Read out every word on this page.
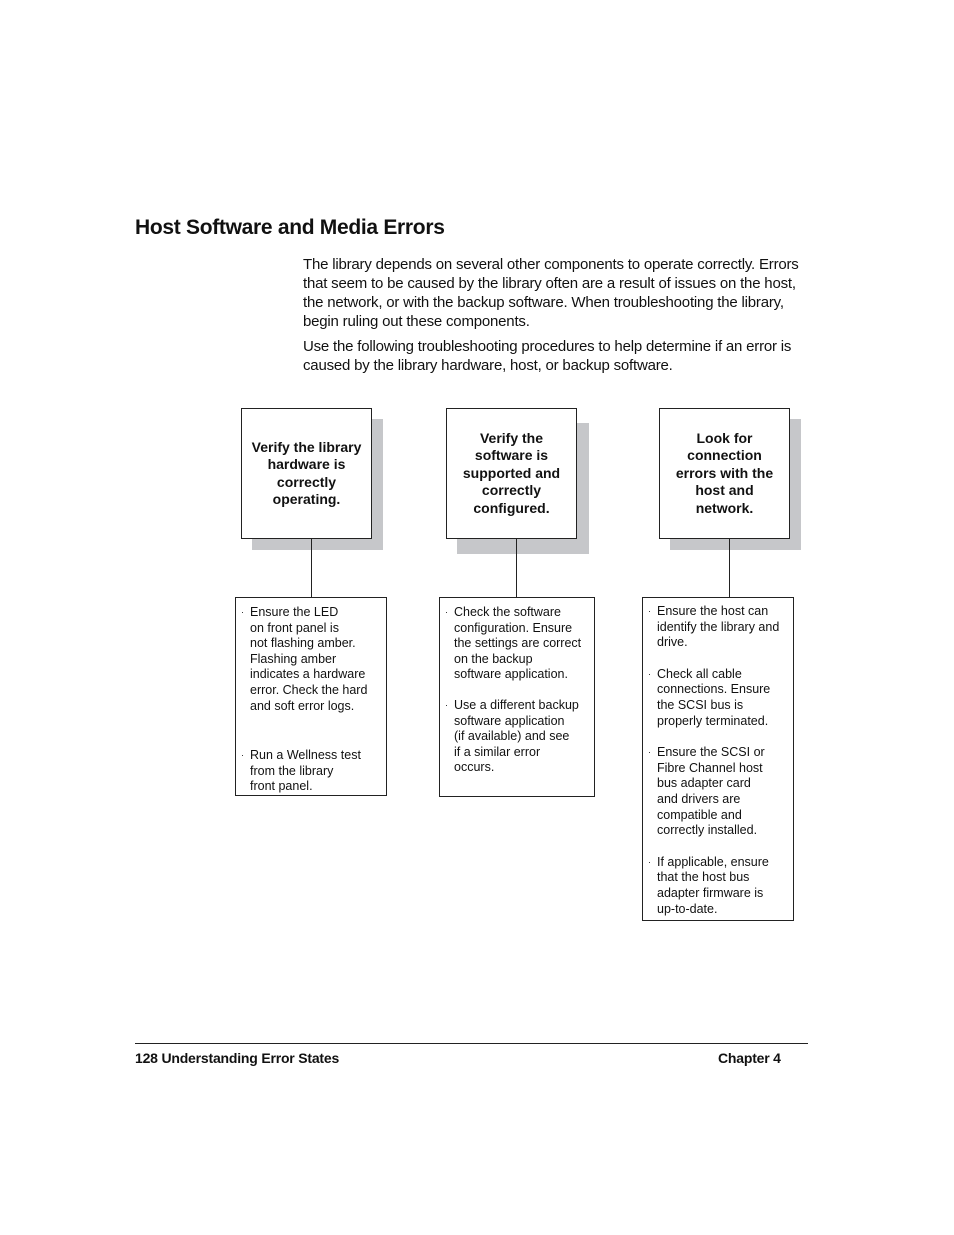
Host Software and Media Errors

The library depends on several other components to operate correctly. Errors that seem to be caused by the library often are a result of issues on the host, the network, or with the backup software. When troubleshooting the library, begin ruling out these components.

Use the following troubleshooting procedures to help determine if an error is caused by the library hardware, host, or backup software.

Verify the library
hardware is
correctly
operating.
· Ensure the LED
on front panel is
not flashing amber.
Flashing amber
indicates a hardware
error. Check the hard
and soft error logs.
· Run a Wellness test
from the library
front panel.
Verify the
software is
supported and
correctly
configured.
· Check the software
configuration. Ensure
the settings are correct
on the backup
software application.
· Use a different backup
software application
(if available) and see
if a similar error
occurs.
Look for
connection
errors with the
host and
network.
· Ensure the host can
identify the library and
drive.
· Check all cable
connections. Ensure
the SCSI bus is
properly terminated.
· Ensure the SCSI or
Fibre Channel host
bus adapter card
and drivers are
compatible and
correctly installed.
· If applicable, ensure
that the host bus
adapter firmware is
up-to-date.
128 Understanding Error States	Chapter 4
